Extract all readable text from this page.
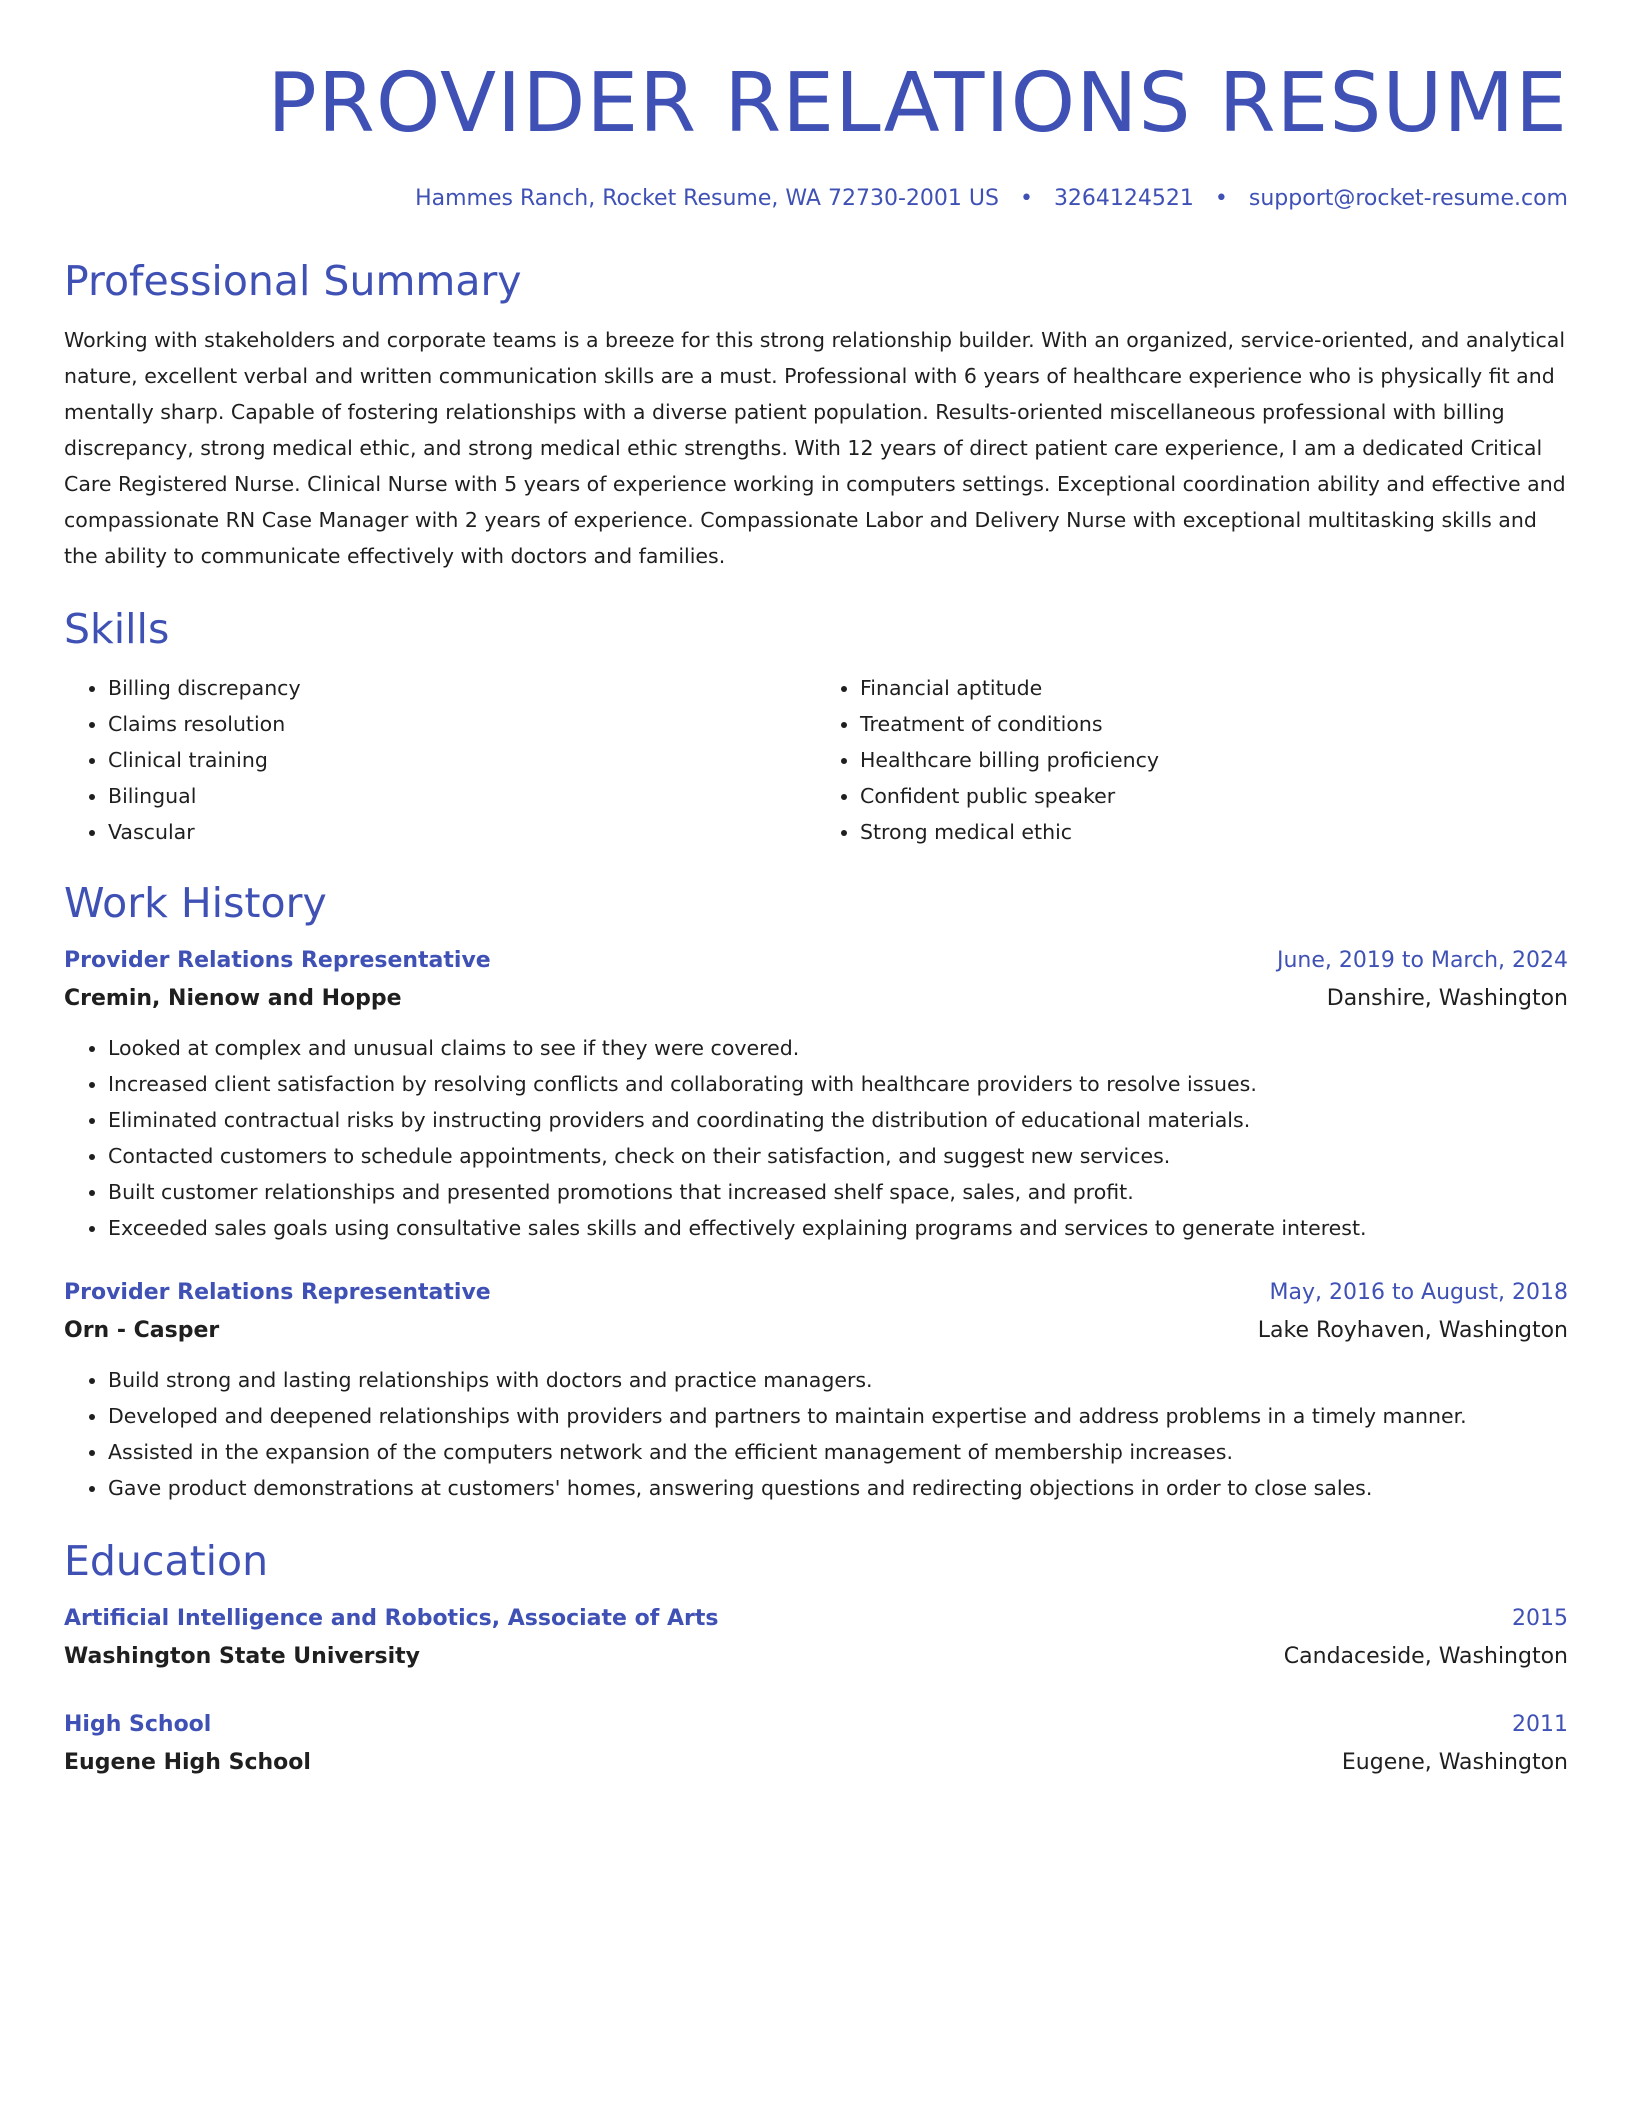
PROVIDER RELATIONS RESUME
Hammes Ranch, Rocket Resume, WA 72730-2001 US • 3264124521 • support@rocket-resume.com
Professional Summary

Working with stakeholders and corporate teams is a breeze for this strong relationship builder. With an organized, service-oriented, and analytical nature, excellent verbal and written communication skills are a must. Professional with 6 years of healthcare experience who is physically fit and mentally sharp. Capable of fostering relationships with a diverse patient population. Results-oriented miscellaneous professional with billing discrepancy, strong medical ethic, and strong medical ethic strengths. With 12 years of direct patient care experience, I am a dedicated Critical Care Registered Nurse. Clinical Nurse with 5 years of experience working in computers settings. Exceptional coordination ability and effective and compassionate RN Case Manager with 2 years of experience. Compassionate Labor and Delivery Nurse with exceptional multitasking skills and the ability to communicate effectively with doctors and families.

Skills
• Billing discrepancy
• Claims resolution
• Clinical training
• Bilingual
• Vascular
• Financial aptitude
• Treatment of conditions
• Healthcare billing proficiency
• Confident public speaker
• Strong medical ethic
Work History
Provider Relations Representative	June, 2019 to March, 2024
Cremin, Nienow and Hoppe	Danshire, Washington
• Looked at complex and unusual claims to see if they were covered.
• Increased client satisfaction by resolving conflicts and collaborating with healthcare providers to resolve issues.
• Eliminated contractual risks by instructing providers and coordinating the distribution of educational materials.
• Contacted customers to schedule appointments, check on their satisfaction, and suggest new services.
• Built customer relationships and presented promotions that increased shelf space, sales, and profit.
• Exceeded sales goals using consultative sales skills and effectively explaining programs and services to generate interest.
Provider Relations Representative	May, 2016 to August, 2018
Orn - Casper	Lake Royhaven, Washington
• Build strong and lasting relationships with doctors and practice managers.
• Developed and deepened relationships with providers and partners to maintain expertise and address problems in a timely manner.
• Assisted in the expansion of the computers network and the efficient management of membership increases.
• Gave product demonstrations at customers' homes, answering questions and redirecting objections in order to close sales.
Education
Artificial Intelligence and Robotics, Associate of Arts	2015
Washington State University	Candaceside, Washington
High School	2011
Eugene High School	Eugene, Washington
